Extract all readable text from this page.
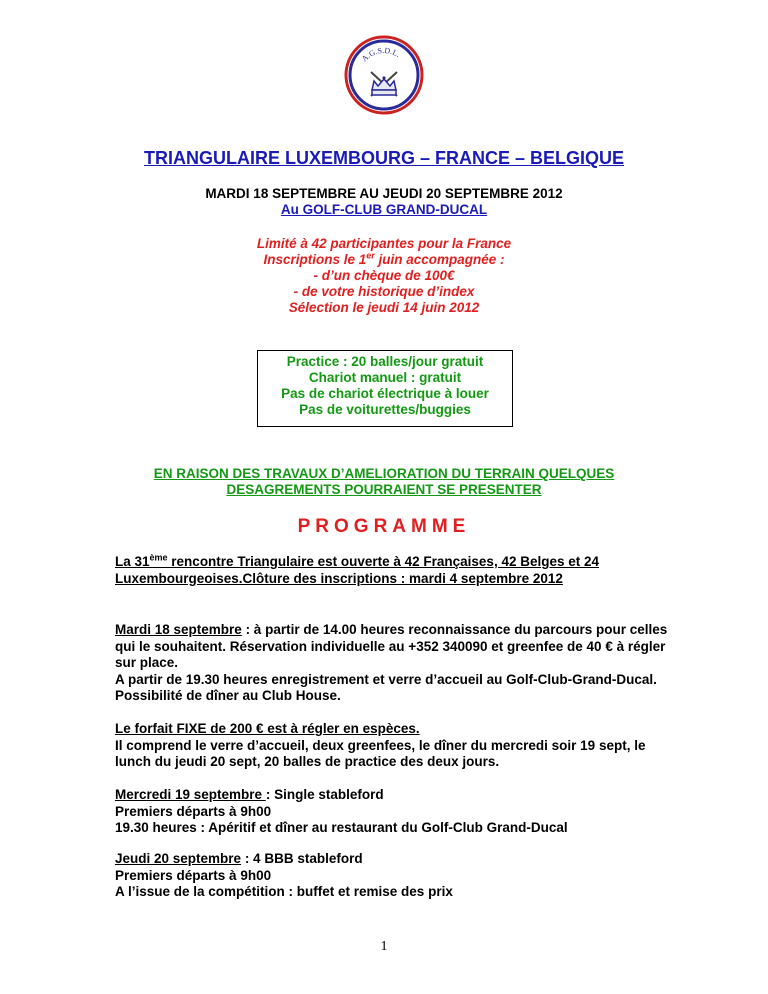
A.G.S.D.L.
TRIANGULAIRE LUXEMBOURG – FRANCE – BELGIQUE
MARDI 18 SEPTEMBRE AU JEUDI 20 SEPTEMBRE 2012
Au GOLF-CLUB GRAND-DUCAL
Limité à 42 participantes pour la France
Inscriptions le 1er juin accompagnée :
- d’un chèque de 100€
- de votre historique d’index
Sélection le jeudi 14 juin 2012
Practice : 20 balles/jour gratuit
Chariot manuel : gratuit
Pas de chariot électrique à louer
Pas de voiturettes/buggies
EN RAISON DES TRAVAUX D’AMELIORATION DU TERRAIN QUELQUES
DESAGREMENTS POURRAIENT SE PRESENTER
PROGRAMME
La 31ème rencontre Triangulaire est ouverte à 42 Françaises, 42 Belges et 24 Luxembourgeoises.Clôture des inscriptions : mardi 4 septembre 2012
Mardi 18 septembre : à partir de 14.00 heures reconnaissance du parcours pour celles qui le souhaitent. Réservation individuelle au +352 340090 et greenfee de 40 € à régler sur place.
A partir de 19.30 heures enregistrement et verre d’accueil au Golf-Club-Grand-Ducal. Possibilité de dîner au Club House.
Le forfait FIXE de 200 € est à régler en espèces.
Il comprend le verre d’accueil, deux greenfees, le dîner du mercredi soir 19 sept, le lunch du jeudi 20 sept, 20 balles de practice des deux jours.
Mercredi 19 septembre : Single stableford
Premiers départs à 9h00
19.30 heures : Apéritif et dîner au restaurant du Golf-Club Grand-Ducal
Jeudi 20 septembre : 4 BBB stableford
Premiers départs à 9h00
A l’issue de la compétition : buffet et remise des prix
1
